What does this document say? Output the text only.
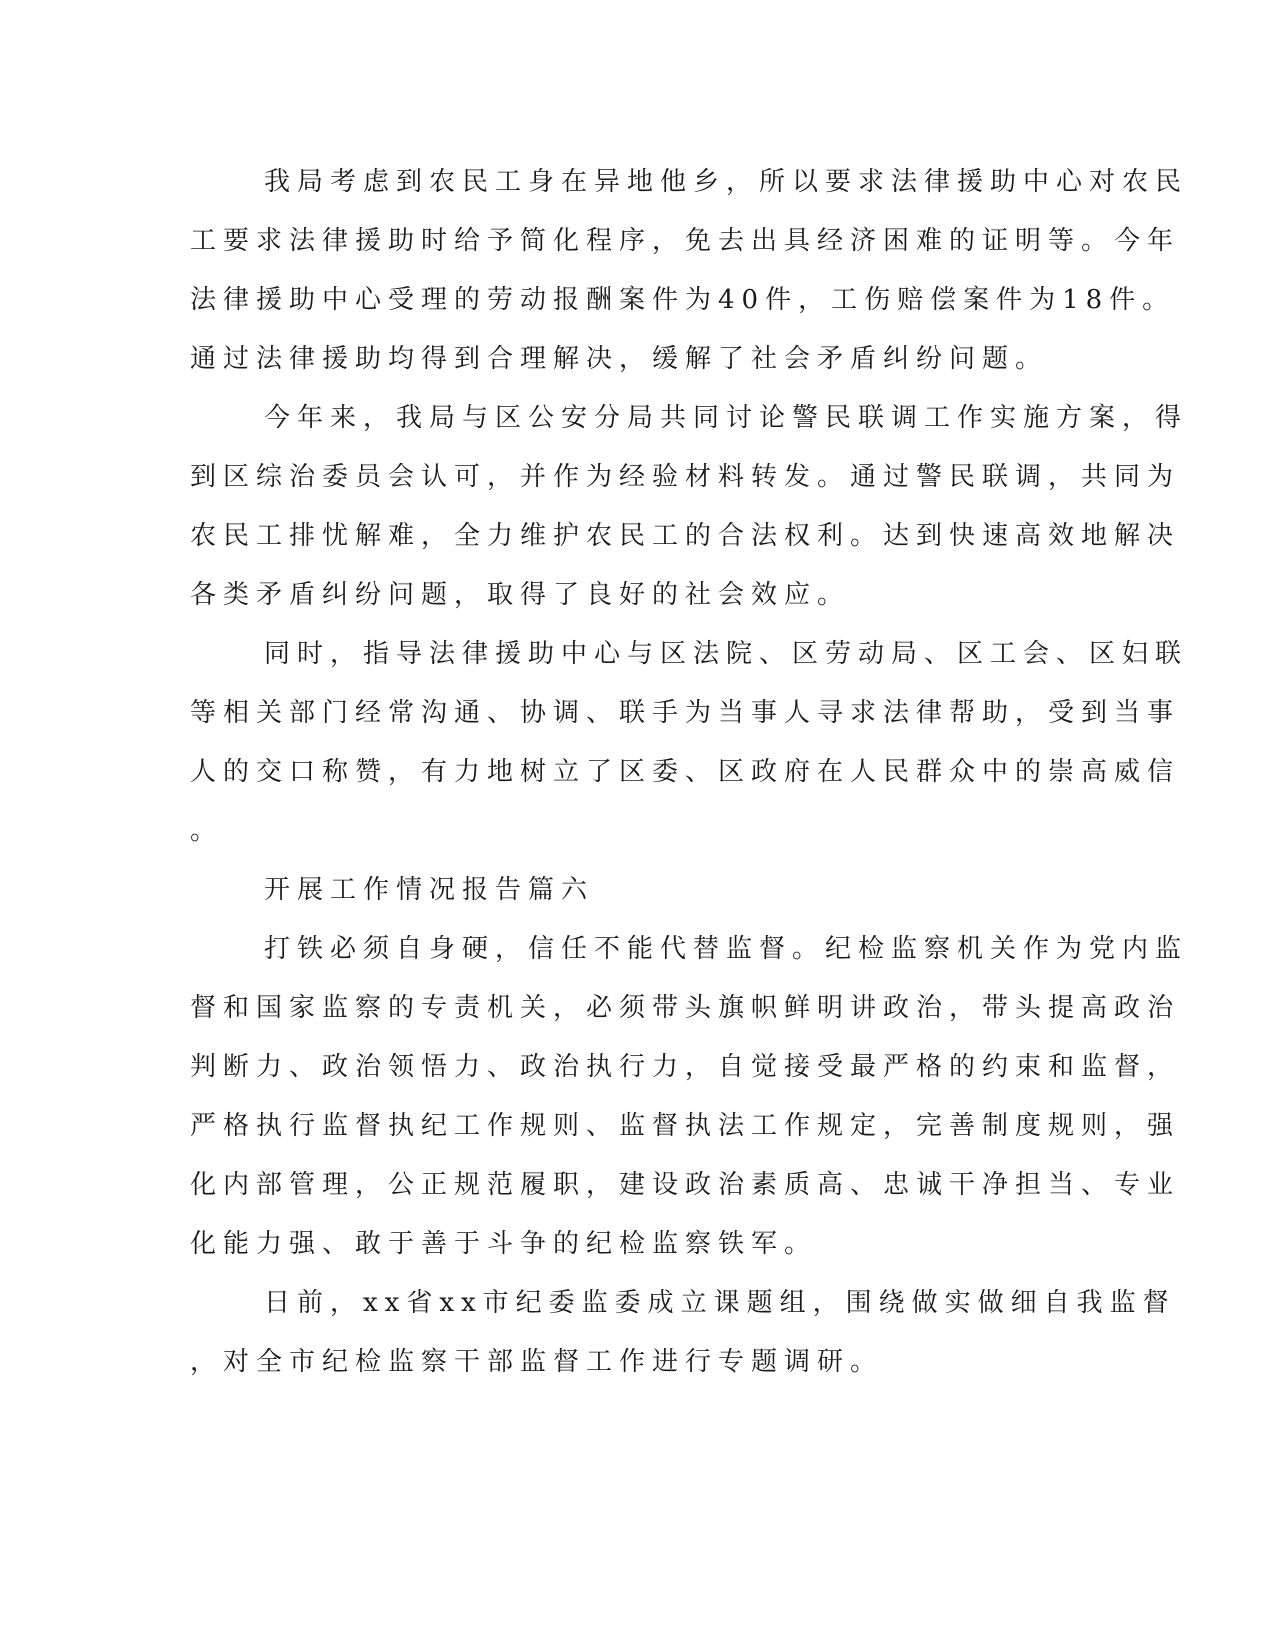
我局考虑到农民工身在异地他乡，所以要求法律援助中心对农民

工要求法律援助时给予简化程序，免去出具经济困难的证明等。今年

法律援助中心受理的劳动报酬案件为40件，工伤赔偿案件为18件。

通过法律援助均得到合理解决，缓解了社会矛盾纠纷问题。

今年来，我局与区公安分局共同讨论警民联调工作实施方案，得

到区综治委员会认可，并作为经验材料转发。通过警民联调，共同为

农民工排忧解难，全力维护农民工的合法权利。达到快速高效地解决

各类矛盾纠纷问题，取得了良好的社会效应。

同时，指导法律援助中心与区法院、区劳动局、区工会、区妇联

等相关部门经常沟通、协调、联手为当事人寻求法律帮助，受到当事

人的交口称赞，有力地树立了区委、区政府在人民群众中的崇高威信

。

开展工作情况报告篇六

打铁必须自身硬，信任不能代替监督。纪检监察机关作为党内监

督和国家监察的专责机关，必须带头旗帜鲜明讲政治，带头提高政治

判断力、政治领悟力、政治执行力，自觉接受最严格的约束和监督，

严格执行监督执纪工作规则、监督执法工作规定，完善制度规则，强

化内部管理，公正规范履职，建设政治素质高、忠诚干净担当、专业

化能力强、敢于善于斗争的纪检监察铁军。

日前，xx省xx市纪委监委成立课题组，围绕做实做细自我监督

，对全市纪检监察干部监督工作进行专题调研。
